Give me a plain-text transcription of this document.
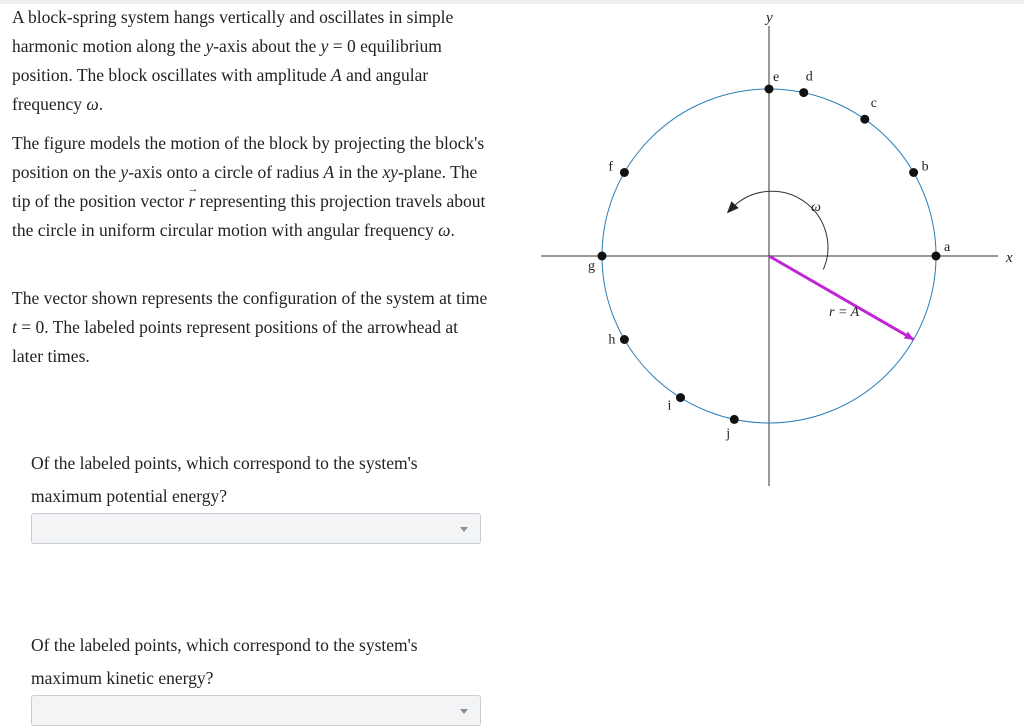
A block-spring system hangs vertically and oscillates in simple harmonic motion along the y-axis about the y = 0 equilibrium position. The block oscillates with amplitude A and angular frequency ω.

The figure models the motion of the block by projecting the block's position on the y-axis onto a circle of radius A in the xy-plane. The tip of the position vector r → representing this projection travels about the circle in uniform circular motion with angular frequency ω.

The vector shown represents the configuration of the system at time t = 0. The labeled points represent positions of the arrowhead at later times.

Of the labeled points, which correspond to the system's maximum potential energy?

Of the labeled points, which correspond to the system's maximum kinetic energy?

x
y
ω
r = A
a
b
c
d
e
f
g
h
i
j
